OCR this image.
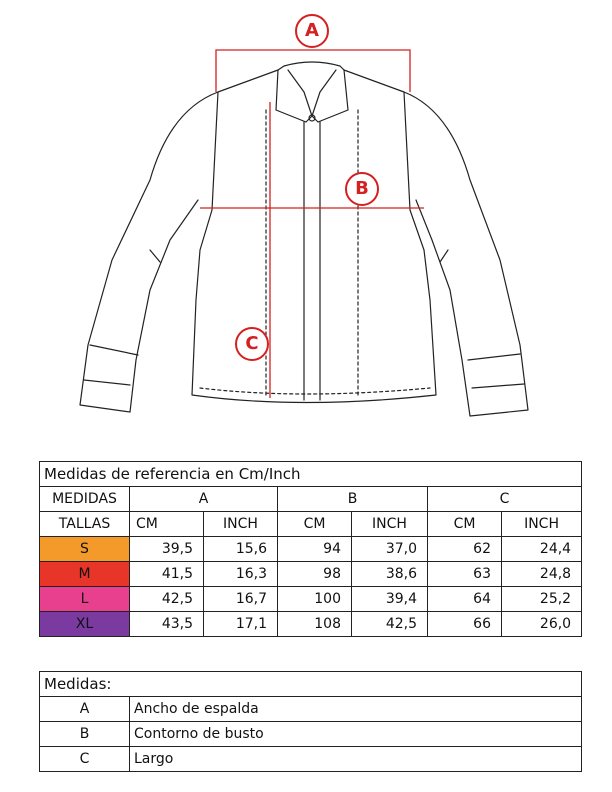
A
B
C
Medidas de referencia en Cm/Inch						
MEDIDAS	A		B		C	
TALLAS	CM	INCH	CM	INCH	CM	INCH
S	39,5	15,6	94	37,0	62	24,4
M	41,5	16,3	98	38,6	63	24,8
L	42,5	16,7	100	39,4	64	25,2
XL	43,5	17,1	108	42,5	66	26,0
Medidas:	
A	Ancho de espalda
B	Contorno de busto
C	Largo
